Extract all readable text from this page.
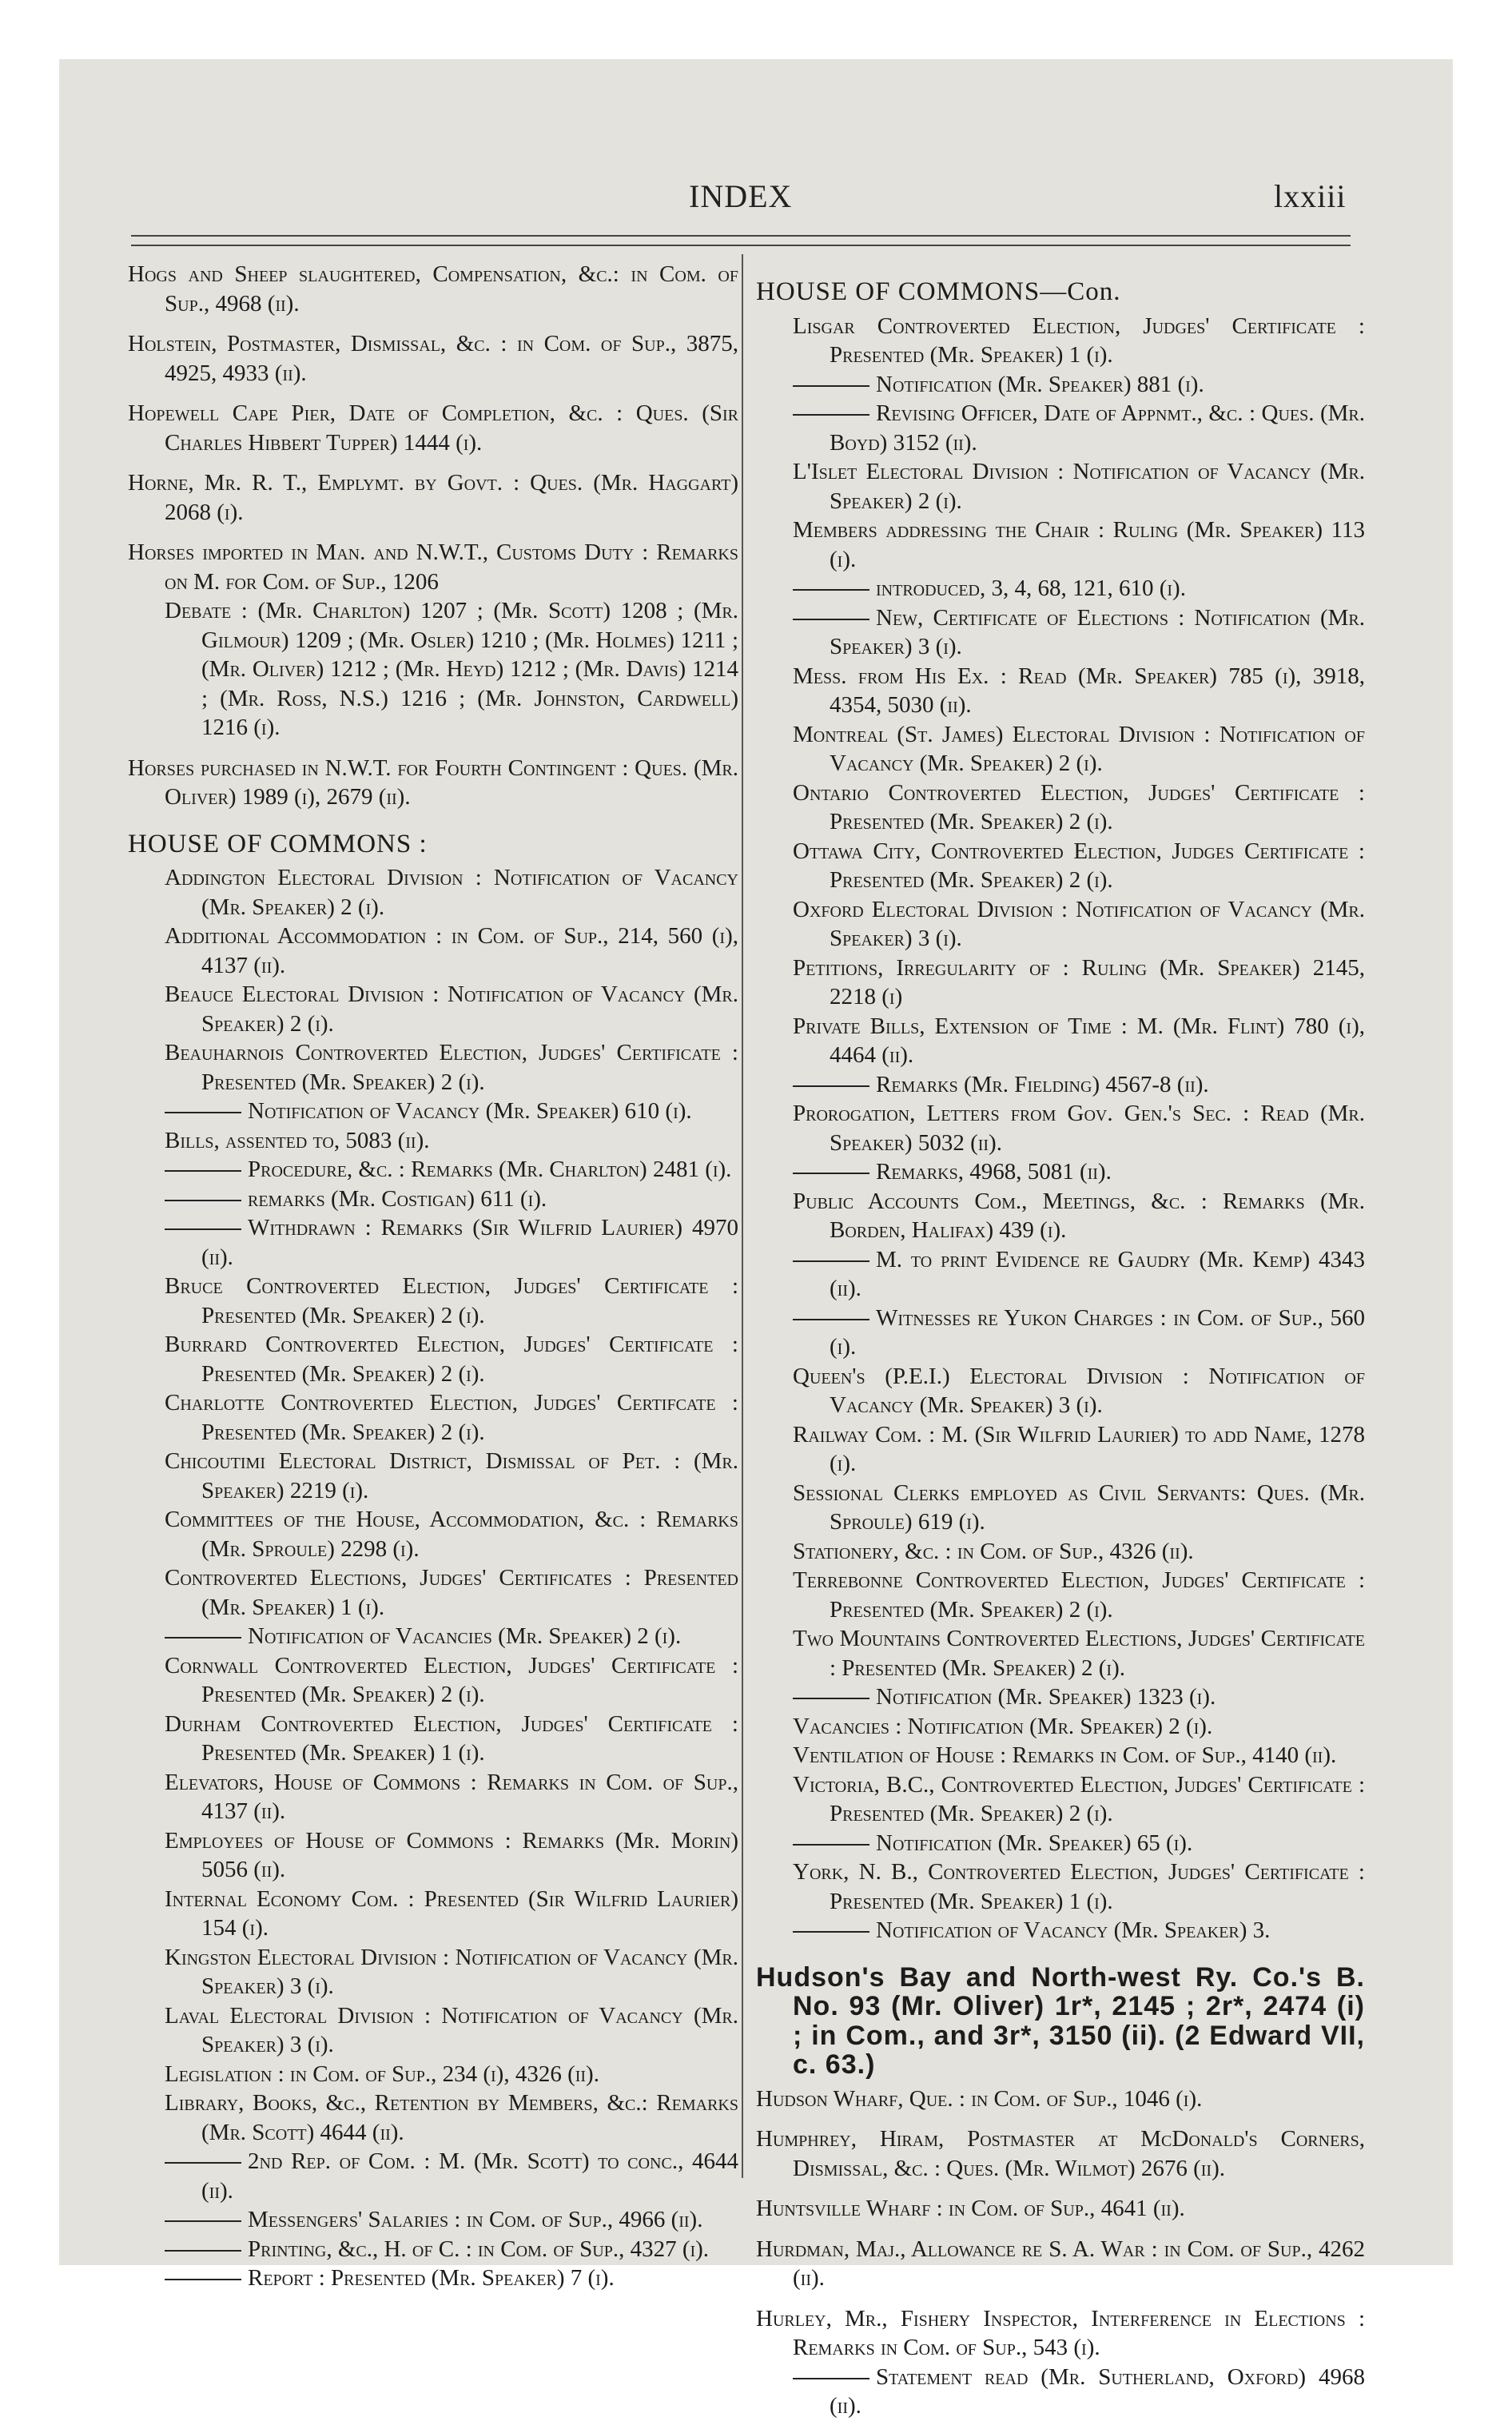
INDEX	lxxiii

Hogs and Sheep slaughtered, Compensation, &c.: in Com. of Sup., 4968 (ii).

Holstein, Postmaster, Dismissal, &c. : in Com. of Sup., 3875, 4925, 4933 (ii).

Hopewell Cape Pier, Date of Completion, &c. : Ques. (Sir Charles Hibbert Tupper) 1444 (i).

Horne, Mr. R. T., Emplymt. by Govt. : Ques. (Mr. Haggart) 2068 (i).

Horses imported in Man. and N.W.T., Customs Duty : Remarks on M. for Com. of Sup., 1206

Debate : (Mr. Charlton) 1207 ; (Mr. Scott) 1208 ; (Mr. Gilmour) 1209 ; (Mr. Osler) 1210 ; (Mr. Holmes) 1211 ; (Mr. Oliver) 1212 ; (Mr. Heyd) 1212 ; (Mr. Davis) 1214 ; (Mr. Ross, N.S.) 1216 ; (Mr. Johnston, Cardwell) 1216 (i).

Horses purchased in N.W.T. for Fourth Contingent : Ques. (Mr. Oliver) 1989 (i), 2679 (ii).

HOUSE OF COMMONS :

Addington Electoral Division : Notification of Vacancy (Mr. Speaker) 2 (i).

Additional Accommodation : in Com. of Sup., 214, 560 (i), 4137 (ii).

Beauce Electoral Division : Notification of Vacancy (Mr. Speaker) 2 (i).

Beauharnois Controverted Election, Judges' Certificate : Presented (Mr. Speaker) 2 (i).

Notification of Vacancy (Mr. Speaker) 610 (i).

Bills, assented to, 5083 (ii).

Procedure, &c. : Remarks (Mr. Charlton) 2481 (i).

remarks (Mr. Costigan) 611 (i).

Withdrawn : Remarks (Sir Wilfrid Laurier) 4970 (ii).

Bruce Controverted Election, Judges' Certificate : Presented (Mr. Speaker) 2 (i).

Burrard Controverted Election, Judges' Certificate : Presented (Mr. Speaker) 2 (i).

Charlotte Controverted Election, Judges' Certifcate : Presented (Mr. Speaker) 2 (i).

Chicoutimi Electoral District, Dismissal of Pet. : (Mr. Speaker) 2219 (i).

Committees of the House, Accommodation, &c. : Remarks (Mr. Sproule) 2298 (i).

Controverted Elections, Judges' Certificates : Presented (Mr. Speaker) 1 (i).

Notification of Vacancies (Mr. Speaker) 2 (i).

Cornwall Controverted Election, Judges' Certificate : Presented (Mr. Speaker) 2 (i).

Durham Controverted Election, Judges' Certificate : Presented (Mr. Speaker) 1 (i).

Elevators, House of Commons : Remarks in Com. of Sup., 4137 (ii).

Employees of House of Commons : Remarks (Mr. Morin) 5056 (ii).

Internal Economy Com. : Presented (Sir Wilfrid Laurier) 154 (i).

Kingston Electoral Division : Notification of Vacancy (Mr. Speaker) 3 (i).

Laval Electoral Division : Notification of Vacancy (Mr. Speaker) 3 (i).

Legislation : in Com. of Sup., 234 (i), 4326 (ii).

Library, Books, &c., Retention by Members, &c.: Remarks (Mr. Scott) 4644 (ii).

2nd Rep. of Com. : M. (Mr. Scott) to conc., 4644 (ii).

Messengers' Salaries : in Com. of Sup., 4966 (ii).

Printing, &c., H. of C. : in Com. of Sup., 4327 (i).

Report : Presented (Mr. Speaker) 7 (i).

HOUSE OF COMMONS—Con.

Lisgar Controverted Election, Judges' Certificate : Presented (Mr. Speaker) 1 (i).

Notification (Mr. Speaker) 881 (i).

Revising Officer, Date of Appnmt., &c. : Ques. (Mr. Boyd) 3152 (ii).

L'Islet Electoral Division : Notification of Vacancy (Mr. Speaker) 2 (i).

Members addressing the Chair : Ruling (Mr. Speaker) 113 (i).

introduced, 3, 4, 68, 121, 610 (i).

New, Certificate of Elections : Notification (Mr. Speaker) 3 (i).

Mess. from His Ex. : Read (Mr. Speaker) 785 (i), 3918, 4354, 5030 (ii).

Montreal (St. James) Electoral Division : Notification of Vacancy (Mr. Speaker) 2 (i).

Ontario Controverted Election, Judges' Certificate : Presented (Mr. Speaker) 2 (i).

Ottawa City, Controverted Election, Judges Certificate : Presented (Mr. Speaker) 2 (i).

Oxford Electoral Division : Notification of Vacancy (Mr. Speaker) 3 (i).

Petitions, Irregularity of : Ruling (Mr. Speaker) 2145, 2218 (i)

Private Bills, Extension of Time : M. (Mr. Flint) 780 (i), 4464 (ii).

Remarks (Mr. Fielding) 4567-8 (ii).

Prorogation, Letters from Gov. Gen.'s Sec. : Read (Mr. Speaker) 5032 (ii).

Remarks, 4968, 5081 (ii).

Public Accounts Com., Meetings, &c. : Remarks (Mr. Borden, Halifax) 439 (i).

M. to print Evidence re Gaudry (Mr. Kemp) 4343 (ii).

Witnesses re Yukon Charges : in Com. of Sup., 560 (i).

Queen's (P.E.I.) Electoral Division : Notification of Vacancy (Mr. Speaker) 3 (i).

Railway Com. : M. (Sir Wilfrid Laurier) to add Name, 1278 (i).

Sessional Clerks employed as Civil Servants: Ques. (Mr. Sproule) 619 (i).

Stationery, &c. : in Com. of Sup., 4326 (ii).

Terrebonne Controverted Election, Judges' Certificate : Presented (Mr. Speaker) 2 (i).

Two Mountains Controverted Elections, Judges' Certificate : Presented (Mr. Speaker) 2 (i).

Notification (Mr. Speaker) 1323 (i).

Vacancies : Notification (Mr. Speaker) 2 (i).

Ventilation of House : Remarks in Com. of Sup., 4140 (ii).

Victoria, B.C., Controverted Election, Judges' Certificate : Presented (Mr. Speaker) 2 (i).

Notification (Mr. Speaker) 65 (i).

York, N. B., Controverted Election, Judges' Certificate : Presented (Mr. Speaker) 1 (i).

Notification of Vacancy (Mr. Speaker) 3.

Hudson's Bay and North-west Ry. Co.'s B. No. 93 (Mr. Oliver) 1r*, 2145 ; 2r*, 2474 (i) ; in Com., and 3r*, 3150 (ii). (2 Edward VII, c. 63.)

Hudson Wharf, Que. : in Com. of Sup., 1046 (i).

Humphrey, Hiram, Postmaster at McDonald's Corners, Dismissal, &c. : Ques. (Mr. Wilmot) 2676 (ii).

Huntsville Wharf : in Com. of Sup., 4641 (ii).

Hurdman, Maj., Allowance re S. A. War : in Com. of Sup., 4262 (ii).

Hurley, Mr., Fishery Inspector, Interference in Elections : Remarks in Com. of Sup., 543 (i).

Statement read (Mr. Sutherland, Oxford) 4968 (ii).
